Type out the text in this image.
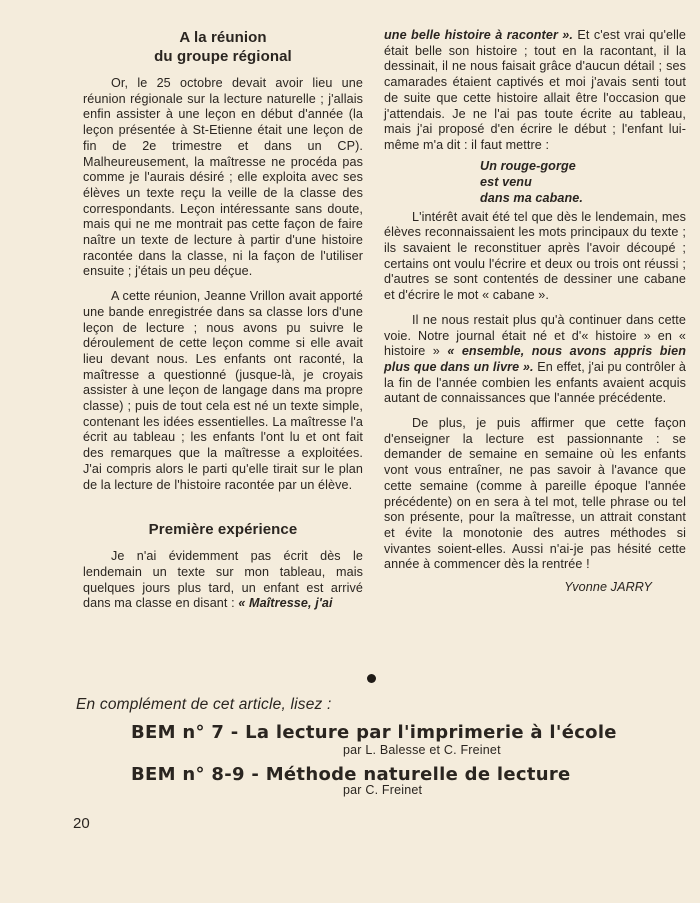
A la réunion
du groupe régional

Or, le 25 octobre devait avoir lieu une réunion régionale sur la lecture naturelle ; j'allais enfin assister à une leçon en début d'année (la leçon présentée à St-Etienne était une leçon de fin de 2e trimestre et dans un CP). Malheureusement, la maîtresse ne procéda pas comme je l'aurais désiré ; elle exploita avec ses élèves un texte reçu la veille de la classe des correspondants. Leçon intéressante sans doute, mais qui ne me montrait pas cette façon de faire naître un texte de lecture à partir d'une histoire racontée dans la classe, ni la façon de l'utiliser ensuite ; j'étais un peu déçue.

A cette réunion, Jeanne Vrillon avait apporté une bande enregistrée dans sa classe lors d'une leçon de lecture ; nous avons pu suivre le déroulement de cette leçon comme si elle avait lieu devant nous. Les enfants ont raconté, la maîtresse a questionné (jusque-là, je croyais assister à une leçon de langage dans ma propre classe) ; puis de tout cela est né un texte simple, contenant les idées essentielles. La maîtresse l'a écrit au tableau ; les enfants l'ont lu et ont fait des remarques que la maîtresse a exploitées. J'ai compris alors le parti qu'elle tirait sur le plan de la lecture de l'histoire racontée par un élève.

Première expérience

Je n'ai évidemment pas écrit dès le lendemain un texte sur mon tableau, mais quelques jours plus tard, un enfant est arrivé dans ma classe en disant : « Maîtresse, j'ai

une belle histoire à raconter ». Et c'est vrai qu'elle était belle son histoire ; tout en la racontant, il la dessinait, il ne nous faisait grâce d'aucun détail ; ses camarades étaient captivés et moi j'avais senti tout de suite que cette histoire allait être l'occasion que j'attendais. Je ne l'ai pas toute écrite au tableau, mais j'ai proposé d'en écrire le début ; l'enfant lui-même m'a dit : il faut mettre :

Un rouge-gorge
est venu
dans ma cabane.

L'intérêt avait été tel que dès le lendemain, mes élèves reconnaissaient les mots principaux du texte ; ils savaient le reconstituer après l'avoir découpé ; certains ont voulu l'écrire et deux ou trois ont réussi ; d'autres se sont contentés de dessiner une cabane et d'écrire le mot « cabane ».

Il ne nous restait plus qu'à continuer dans cette voie. Notre journal était né et d'« histoire » en « histoire » « ensemble, nous avons appris bien plus que dans un livre ». En effet, j'ai pu contrôler à la fin de l'année combien les enfants avaient acquis autant de connaissances que l'année précédente.

De plus, je puis affirmer que cette façon d'enseigner la lecture est passionnante : se demander de semaine en semaine où les enfants vont vous entraîner, ne pas savoir à l'avance que cette semaine (comme à pareille époque l'année précédente) on en sera à tel mot, telle phrase ou tel son présente, pour la maîtresse, un attrait constant et évite la monotonie des autres méthodes si vivantes soient-elles. Aussi n'ai-je pas hésité cette année à commencer dès la rentrée !

Yvonne JARRY
En complément de cet article, lisez :
BEM n° 7 - La lecture par l'imprimerie à l'école
par L. Balesse et C. Freinet
BEM n° 8-9 - Méthode naturelle de lecture
par C. Freinet
20
